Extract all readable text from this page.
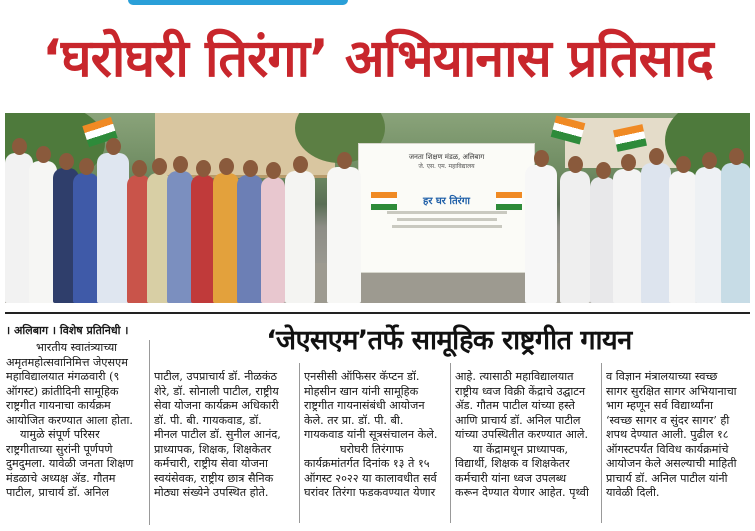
‘घरोघरी तिरंगा’ अभियानास प्रतिसाद
जनता शिक्षण मंडळ, अलिबाग
जे. एस. एम. महाविद्यालय
हर घर तिरंगा
। अलिबाग । विशेष प्रतिनिधी ।	‘जेएसएम’तर्फे सामूहिक राष्ट्रगीत गायन
भारतीय स्वातंत्र्याच्या
अमृतमहोत्सवानिमित्त जेएसएम
महाविद्यालयात मंगळवारी (९
ऑगस्ट) क्रांतीदिनी सामूहिक
राष्ट्रगीत गायनाचा कार्यक्रम
आयोजित करण्यात आला होता.
यामुळे संपूर्ण परिसर
राष्ट्रगीताच्या सुरांनी पूर्णपणे
दुमदुमला. यावेळी जनता शिक्षण
मंडळाचे अध्यक्ष ॲड. गौतम
पाटील, प्राचार्य डॉ. अनिल
पाटील, उपप्राचार्य डॉ. नीळकंठ
शेरे, डॉ. सोनाली पाटील, राष्ट्रीय
सेवा योजना कार्यक्रम अधिकारी
डॉ. पी. बी. गायकवाड, डॉ.
मीनल पाटील डॉ. सुनील आनंद,
प्राध्यापक, शिक्षक, शिक्षकेतर
कर्मचारी, राष्ट्रीय सेवा योजना
स्वयंसेवक, राष्ट्रीय छात्र सैनिक
मोठ्या संख्येने उपस्थित होते.
एनसीसी ऑफिसर कॅप्टन डॉ.
मोहसीन खान यांनी सामूहिक
राष्ट्रगीत गायनासंबंधी आयोजन
केले. तर प्रा. डॉ. पी. बी.
गायकवाड यांनी सूत्रसंचालन केले.
घरोघरी तिरंगाफ
कार्यक्रमांतर्गत दिनांक १३ ते १५
ऑगस्ट २०२२ या कालावधीत सर्व
घरांवर तिरंगा फडकवण्यात येणार
आहे. त्यासाठी महाविद्यालयात
राष्ट्रीय ध्वज विक्री केंद्राचे उद्घाटन
ॲड. गौतम पाटील यांच्या हस्ते
आणि प्राचार्य डॉ. अनिल पाटील
यांच्या उपस्थितीत करण्यात आले.
या केंद्रामधून प्राध्यापक,
विद्यार्थी, शिक्षक व शिक्षकेतर
कर्मचारी यांना ध्वज उपलब्ध
करून देण्यात येणार आहेत. पृथ्वी
व विज्ञान मंत्रालयाच्या स्वच्छ
सागर सुरक्षित सागर अभियानाचा
भाग म्हणून सर्व विद्यार्थ्यांना
‘स्वच्छ सागर व सुंदर सागर’ ही
शपथ देण्यात आली. पुढील १८
ऑगस्टपर्यंत विविध कार्यक्रमांचे
आयोजन केले असल्याची माहिती
प्राचार्य डॉ. अनिल पाटील यांनी
यावेळी दिली.
